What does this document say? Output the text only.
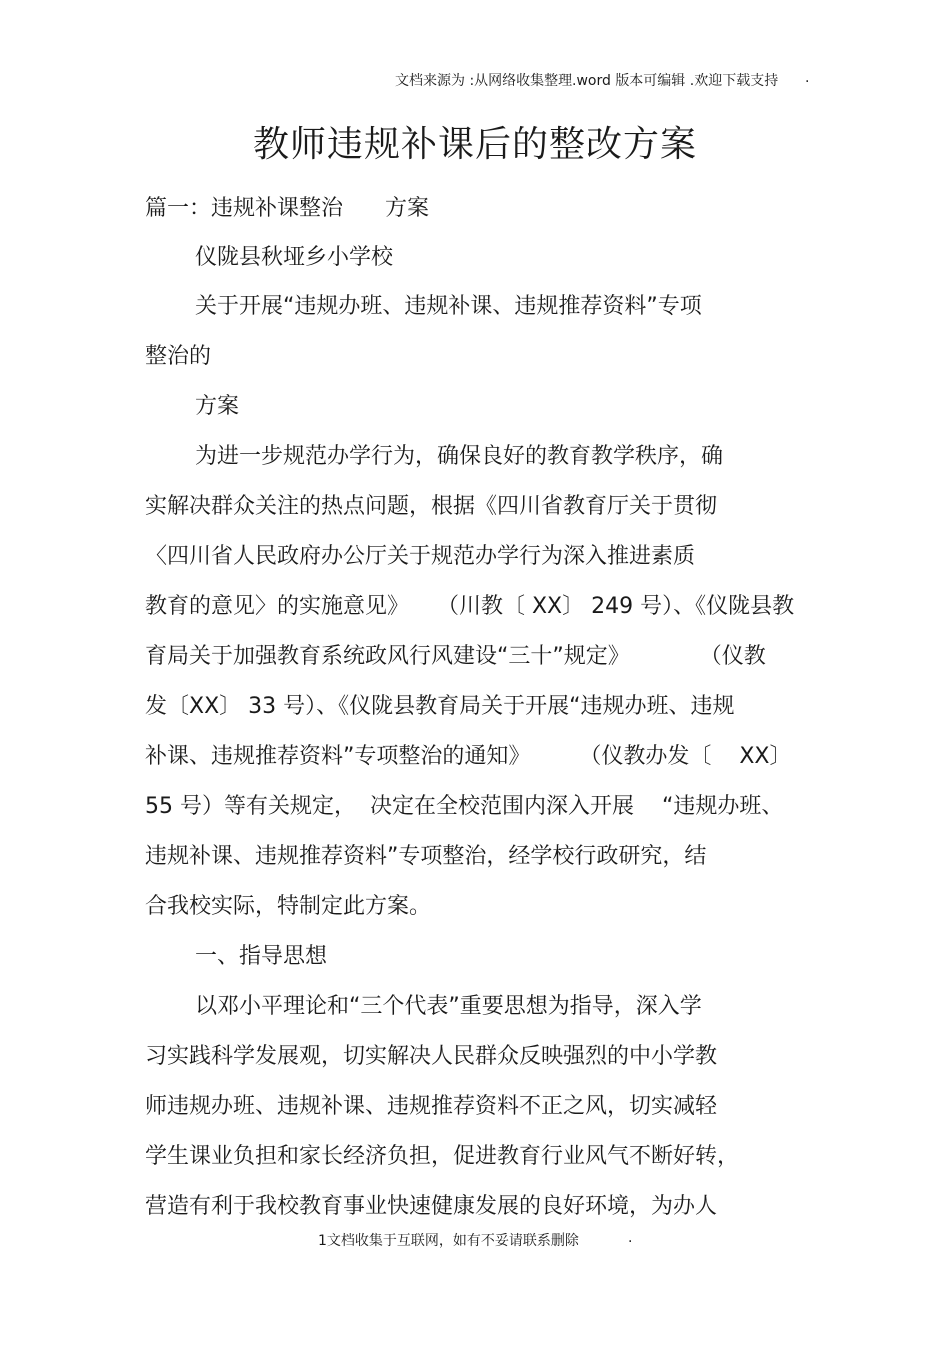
文档来源为 :从网络收集整理 .word 版本可编辑 .欢迎下载支持 .
教师违规补课后的整改方案
篇一：违规补课整治      方案
仪陇县秋垭乡小学校
关于开展“违规办班、违规补课、违规推荐资料”专项
整治的
方案
为进一步规范办学行为，确保良好的教育教学秩序，确
实解决群众关注的热点问题，根据《四川省教育厅关于贯彻
〈四川省人民政府办公厅关于规范办学行为深入推进素质
教育的意见〉的实施意见》    （川教〔 XX〕 249 号）、《仪陇县教
育局关于加强教育系统政风行风建设“三十”规定》          （仪教
发〔XX〕 33 号）、《仪陇县教育局关于开展“违规办班、违规
补课、违规推荐资料”专项整治的通知》       （仪教办发〔    XX〕
55 号）等有关规定，  决定在全校范围内深入开展    “违规办班、
违规补课、违规推荐资料”专项整治，经学校行政研究，结
合我校实际，特制定此方案。
一、指导思想
以邓小平理论和“三个代表”重要思想为指导，深入学
习实践科学发展观，切实解决人民群众反映强烈的中小学教
师违规办班、违规补课、违规推荐资料不正之风，切实减轻
学生课业负担和家长经济负担，促进教育行业风气不断好转，
营造有利于我校教育事业快速健康发展的良好环境，为办人
1文档收集于互联网，如有不妥请联系删除	.
